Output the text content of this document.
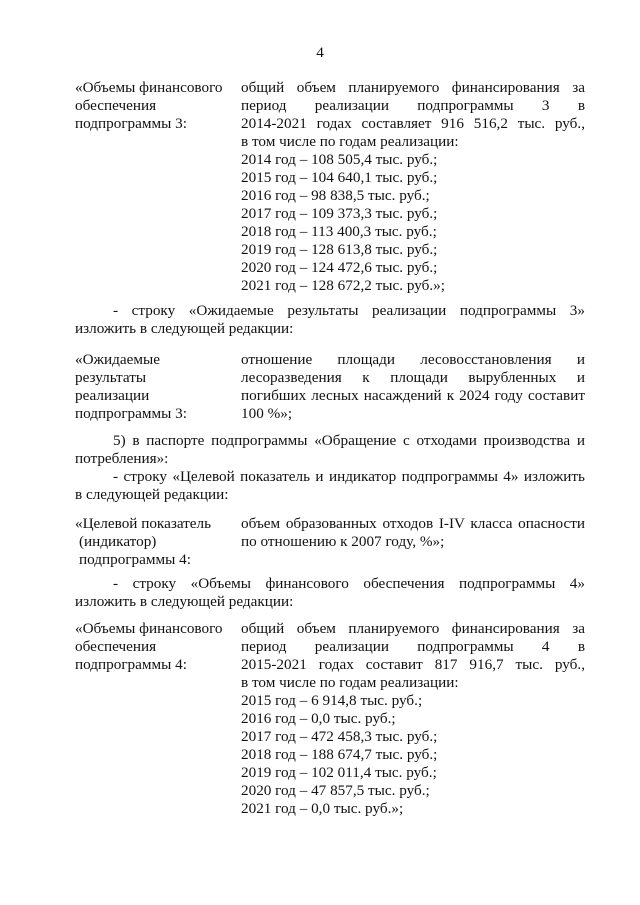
4
«Объемы финансового
обеспечения
подпрограммы 3:
общий объем планируемого финансирования за
период реализации подпрограммы 3 в
2014-2021 годах составляет 916 516,2 тыс. руб.,
в том числе по годам реализации:
2014 год – 108 505,4 тыс. руб.;
2015 год – 104 640,1 тыс. руб.;
2016 год – 98 838,5 тыс. руб.;
2017 год – 109 373,3 тыс. руб.;
2018 год – 113 400,3 тыс. руб.;
2019 год – 128 613,8 тыс. руб.;
2020 год – 124 472,6 тыс. руб.;
2021 год – 128 672,2 тыс. руб.»;
- строку «Ожидаемые результаты реализации подпрограммы 3»
изложить в следующей редакции:
«Ожидаемые
результаты
реализации
подпрограммы 3:
отношение площади лесовосстановления и
лесоразведения к площади вырубленных и
погибших лесных насаждений к 2024 году составит
100 %»;
5) в паспорте подпрограммы «Обращение с отходами производства и
потребления»:
- строку «Целевой показатель и индикатор подпрограммы 4» изложить
в следующей редакции:
«Целевой показатель
(индикатор)
подпрограммы 4:
объем образованных отходов I-IV класса опасности
по отношению к 2007 году, %»;
- строку «Объемы финансового обеспечения подпрограммы 4»
изложить в следующей редакции:
«Объемы финансового
обеспечения
подпрограммы 4:
общий объем планируемого финансирования за
период реализации подпрограммы 4 в
2015-2021 годах составит 817 916,7 тыс. руб.,
в том числе по годам реализации:
2015 год – 6 914,8 тыс. руб.;
2016 год – 0,0 тыс. руб.;
2017 год – 472 458,3 тыс. руб.;
2018 год – 188 674,7 тыс. руб.;
2019 год – 102 011,4 тыс. руб.;
2020 год – 47 857,5 тыс. руб.;
2021 год – 0,0 тыс. руб.»;
